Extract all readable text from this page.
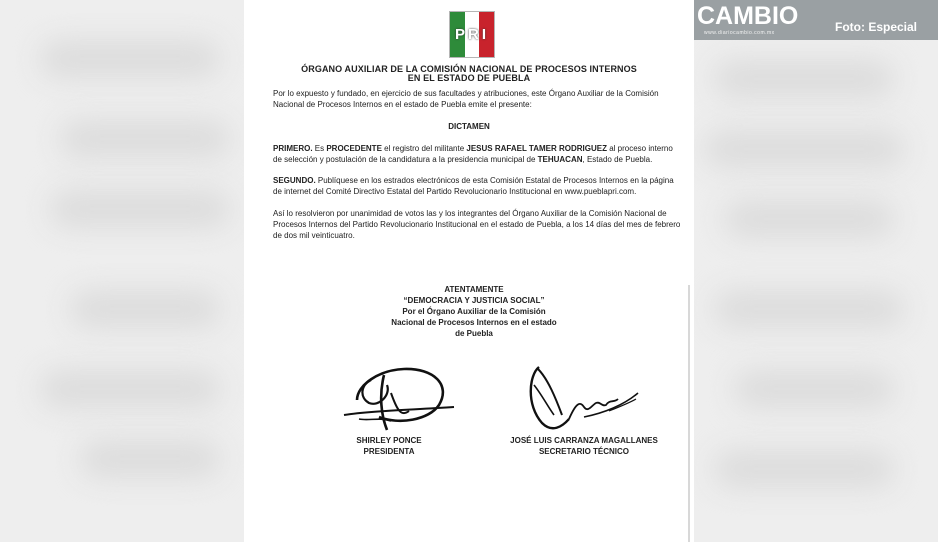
PRI
ÓRGANO AUXILIAR DE LA COMISIÓN NACIONAL DE PROCESOS INTERNOS
EN EL ESTADO DE PUEBLA
Por lo expuesto y fundado, en ejercicio de sus facultades y atribuciones, este Órgano Auxiliar de la Comisión
Nacional de Procesos Internos en el estado de Puebla emite el presente:
DICTAMEN
PRIMERO. Es PROCEDENTE el registro del militante JESUS RAFAEL TAMER RODRIGUEZ al proceso interno
de selección y postulación de la candidatura a la presidencia municipal de TEHUACAN, Estado de Puebla.
SEGUNDO. Publíquese en los estrados electrónicos de esta Comisión Estatal de Procesos Internos en la página
de internet del Comité Directivo Estatal del Partido Revolucionario Institucional en www.pueblapri.com.
Así lo resolvieron por unanimidad de votos las y los integrantes del Órgano Auxiliar de la Comisión Nacional de
Procesos Internos del Partido Revolucionario Institucional en el estado de Puebla, a los 14 días del mes de febrero
de dos mil veinticuatro.
ATENTAMENTE
“DEMOCRACIA Y JUSTICIA SOCIAL”
Por el Órgano Auxiliar de la Comisión
Nacional de Procesos Internos en el estado
de Puebla
SHIRLEY PONCE
PRESIDENTA
JOSÉ LUIS CARRANZA MAGALLANES
SECRETARIO TÉCNICO
CAMBIO
www.diariocambio.com.mx	Foto: Especial
